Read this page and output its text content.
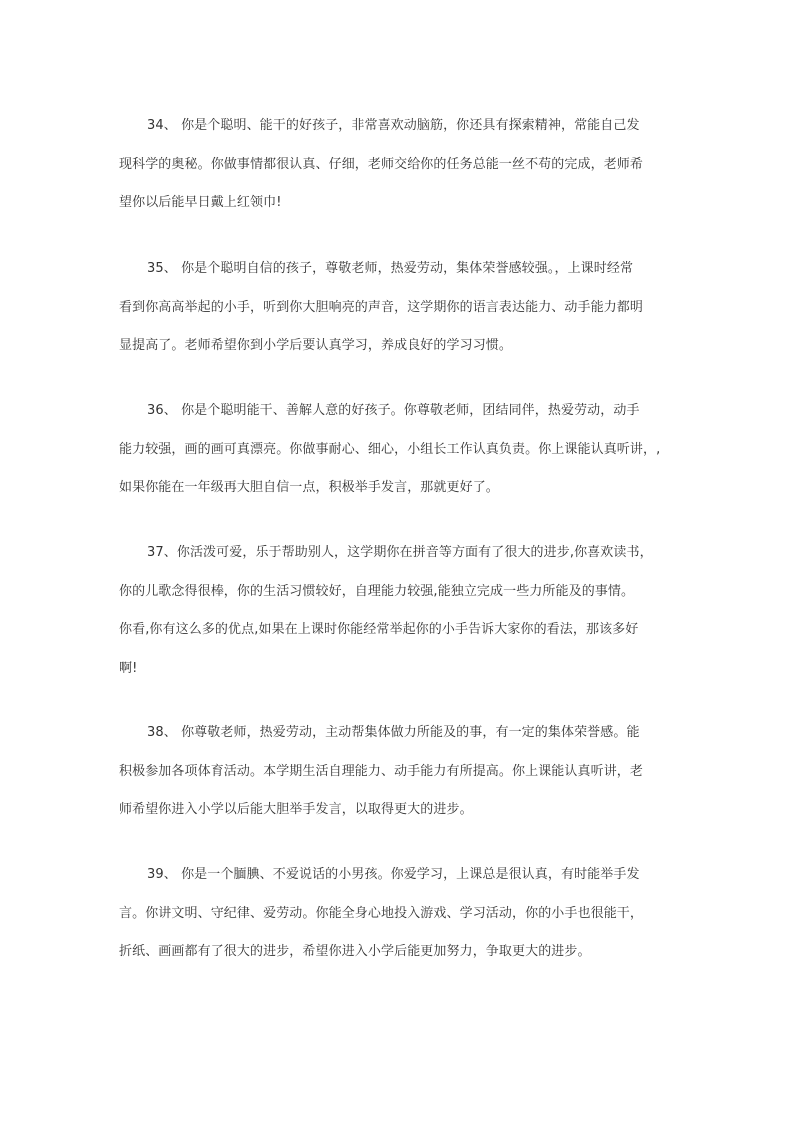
34、 你是个聪明、能干的好孩子，非常喜欢动脑筋，你还具有探索精神，常能自己发
现科学的奥秘。你做事情都很认真、仔细，老师交给你的任务总能一丝不苟的完成，老师希
望你以后能早日戴上红领巾!

35、 你是个聪明自信的孩子，尊敬老师，热爱劳动，集体荣誉感较强。，上课时经常
看到你高高举起的小手，听到你大胆响亮的声音，这学期你的语言表达能力、动手能力都明
显提高了。老师希望你到小学后要认真学习，养成良好的学习习惯。

36、 你是个聪明能干、善解人意的好孩子。你尊敬老师，团结同伴，热爱劳动，动手
能力较强，画的画可真漂亮。你做事耐心、细心，小组长工作认真负责。你上课能认真听讲，,
如果你能在一年级再大胆自信一点，积极举手发言，那就更好了。

37、你活泼可爱，乐于帮助别人，这学期你在拼音等方面有了很大的进步,你喜欢读书，
你的儿歌念得很棒，你的生活习惯较好，自理能力较强,能独立完成一些力所能及的事情。
你看,你有这么多的优点,如果在上课时你能经常举起你的小手告诉大家你的看法，那该多好
啊!

38、 你尊敬老师，热爱劳动，主动帮集体做力所能及的事，有一定的集体荣誉感。能
积极参加各项体育活动。本学期生活自理能力、动手能力有所提高。你上课能认真听讲，老
师希望你进入小学以后能大胆举手发言，以取得更大的进步。

39、 你是一个腼腆、不爱说话的小男孩。你爱学习，上课总是很认真，有时能举手发
言。你讲文明、守纪律、爱劳动。你能全身心地投入游戏、学习活动，你的小手也很能干，
折纸、画画都有了很大的进步，希望你进入小学后能更加努力，争取更大的进步。
